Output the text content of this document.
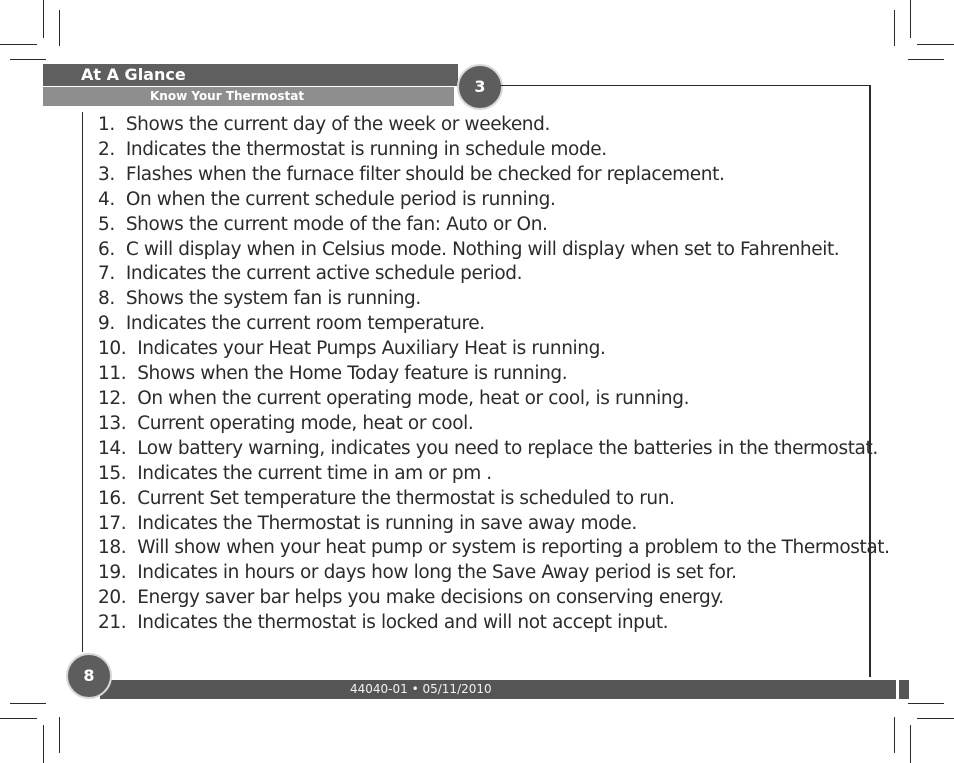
At A Glance
Know Your Thermostat	3
1. Shows the current day of the week or weekend.
2. Indicates the thermostat is running in schedule mode.
3. Flashes when the furnace filter should be checked for replacement.
4. On when the current schedule period is running.
5. Shows the current mode of the fan: Auto or On.
6. C will display when in Celsius mode. Nothing will display when set to Fahrenheit.
7. Indicates the current active schedule period.
8. Shows the system fan is running.
9. Indicates the current room temperature.
10. Indicates your Heat Pumps Auxiliary Heat is running.
11. Shows when the Home Today feature is running.
12. On when the current operating mode, heat or cool, is running.
13. Current operating mode, heat or cool.
14. Low battery warning, indicates you need to replace the batteries in the thermostat.
15. Indicates the current time in am or pm .
16. Current Set temperature the thermostat is scheduled to run.
17. Indicates the Thermostat is running in save away mode.
18. Will show when your heat pump or system is reporting a problem to the Thermostat.
19. Indicates in hours or days how long the Save Away period is set for.
20. Energy saver bar helps you make decisions on conserving energy.
21. Indicates the thermostat is locked and will not accept input.
44040-01 • 05/11/2010
8
